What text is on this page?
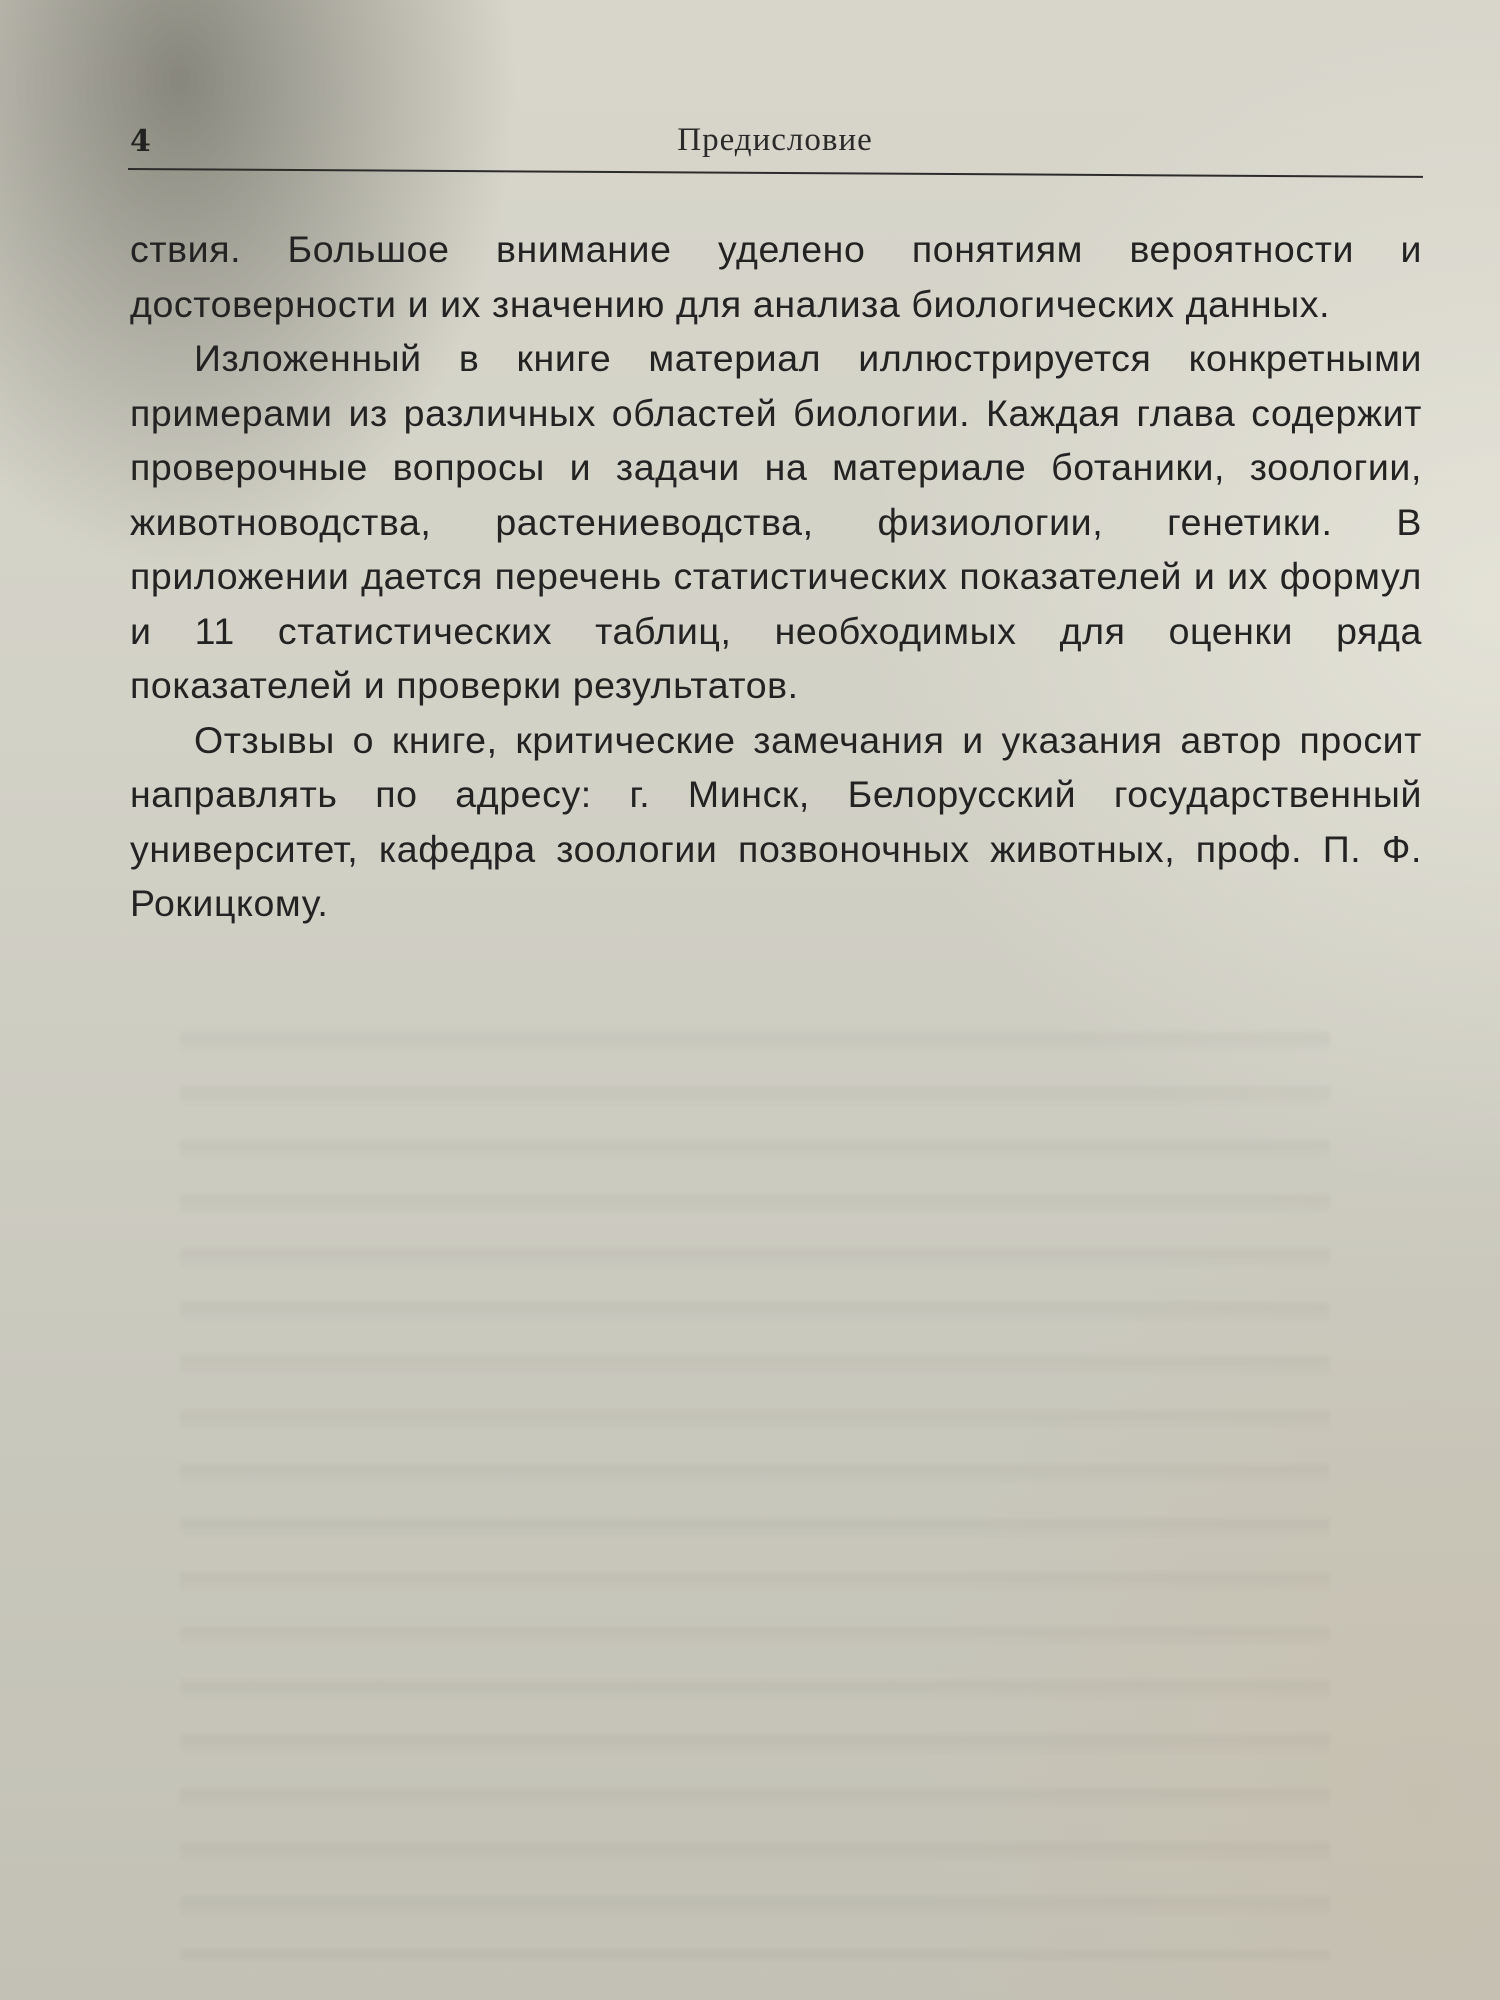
4	Предисловие

ствия. Большое внимание уделено понятиям вероятности и достоверности и их значению для анализа биологических данных.

Изложенный в книге материал иллюстрируется конкретными примерами из различных областей биологии. Каждая глава содержит проверочные вопросы и задачи на материале ботаники, зоологии, животноводства, растениеводства, физиологии, генетики. В приложении дается перечень статистических показателей и их формул и 11 статистических таблиц, необходимых для оценки ряда показателей и проверки результатов.

Отзывы о книге, критические замечания и указания автор просит направлять по адресу: г. Минск, Белорусский государственный университет, кафедра зоологии позвоночных животных, проф. П. Ф. Рокицкому.
